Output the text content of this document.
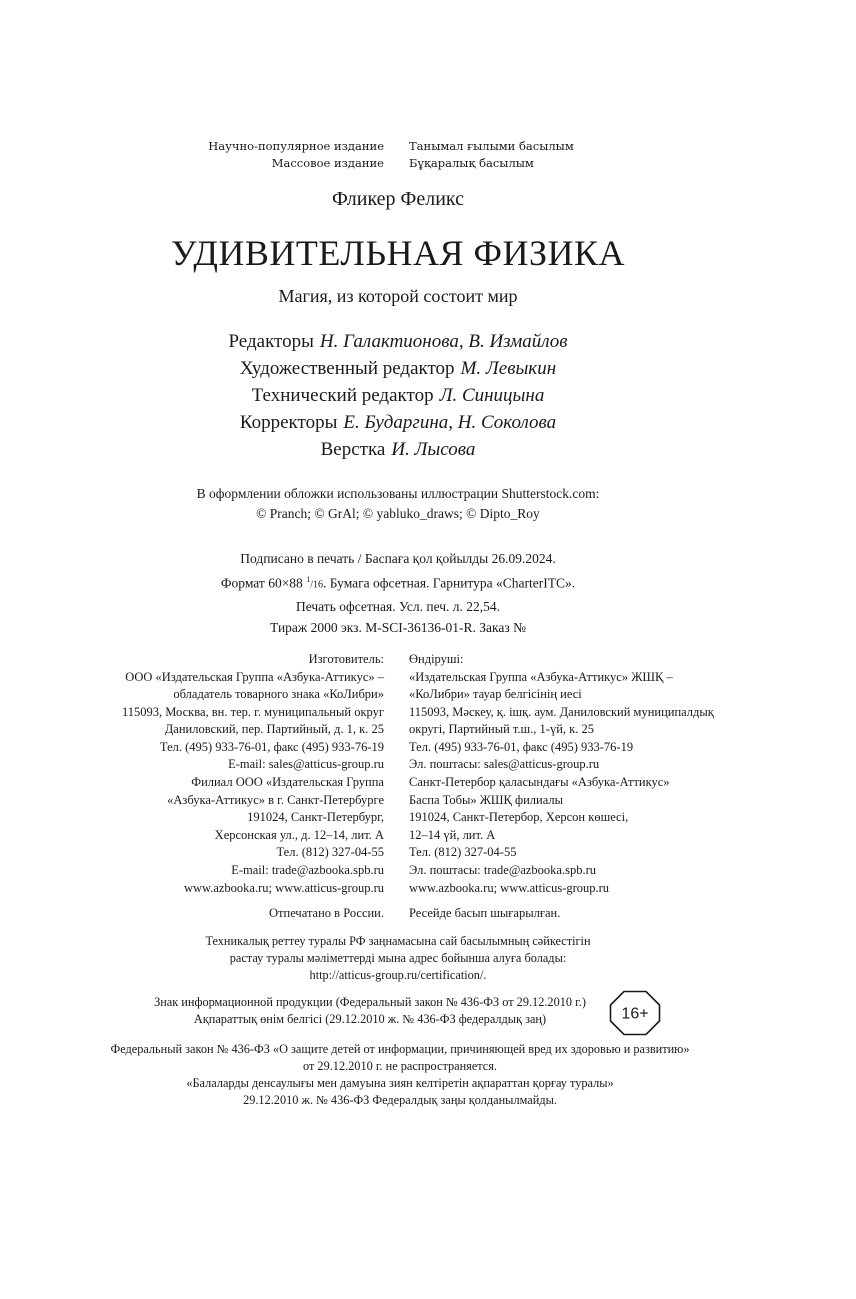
Научно-популярное издание
Массовое издание
Танымал ғылыми басылым
Бұқаралық басылым
Фликер Феликс
УДИВИТЕЛЬНАЯ ФИЗИКА
Магия, из которой состоит мир
Редакторы Н. Галактионова, В. Измайлов
Художественный редактор М. Левыкин
Технический редактор Л. Синицына
Корректоры Е. Бударгина, Н. Соколова
Верстка И. Лысова
В оформлении обложки использованы иллюстрации Shutterstock.com:
© Pranch; © GrAl; © yabluko_draws; © Dipto_Roy
Подписано в печать / Баспаға қол қойылды 26.09.2024.
Формат 60×88 $^1$/16. Бумага офсетная. Гарнитура «CharterITC».
Печать офсетная. Усл. печ. л. 22,54.
Тираж 2000 экз. M-SCI-36136-01-R. Заказ №
Изготовитель:
ООО «Издательская Группа «Азбука-Аттикус» –
обладатель товарного знака «КоЛибри»
115093, Москва, вн. тер. г. муниципальный округ
Даниловский, пер. Партийный, д. 1, к. 25
Тел. (495) 933-76-01, факс (495) 933-76-19
E-mail: sales@atticus-group.ru
Өндіруші:
«Издательская Группа «Азбука-Аттикус» ЖШҚ –
«КоЛибри» тауар белгісінің иесі
115093, Мәскеу, қ. ішқ. аум. Даниловский муниципалдық
округі, Партийный т.ш., 1-үй, к. 25
Тел. (495) 933-76-01, факс (495) 933-76-19
Эл. поштасы: sales@atticus-group.ru
Филиал ООО «Издательская Группа
«Азбука-Аттикус» в г. Санкт-Петербурге
191024, Санкт-Петербург,
Херсонская ул., д. 12–14, лит. А
Тел. (812) 327-04-55
E-mail: trade@azbooka.spb.ru
Санкт-Петербор қаласындағы «Азбука-Аттикус»
Баспа Тобы» ЖШҚ филиалы
191024, Санкт-Петербор, Херсон көшесі,
12–14 үй, лит. А
Тел. (812) 327-04-55
Эл. поштасы: trade@azbooka.spb.ru
www.azbooka.ru; www.atticus-group.ru www.azbooka.ru; www.atticus-group.ru
Отпечатано в России. Ресейде басып шығарылған.
Техникалық реттеу туралы РФ заңнамасына сай басылымның сәйкестігін
растау туралы мәліметтерді мына адрес бойынша алуға болады:
http://atticus-group.ru/certification/.
Знак информационной продукции (Федеральный закон № 436-ФЗ от 29.12.2010 г.)
Ақпараттық өнім белгісі (29.12.2010 ж. № 436-ФЗ федералдық заң)	16+
Федеральный закон № 436-ФЗ «О защите детей от информации, причиняющей вред их здоровью и развитию»
от 29.12.2010 г. не распространяется.
«Балаларды денсаулығы мен дамуына зиян келтіретін ақпараттан қорғау туралы»
29.12.2010 ж. № 436-ФЗ Федералдық заңы қолданылмайды.
